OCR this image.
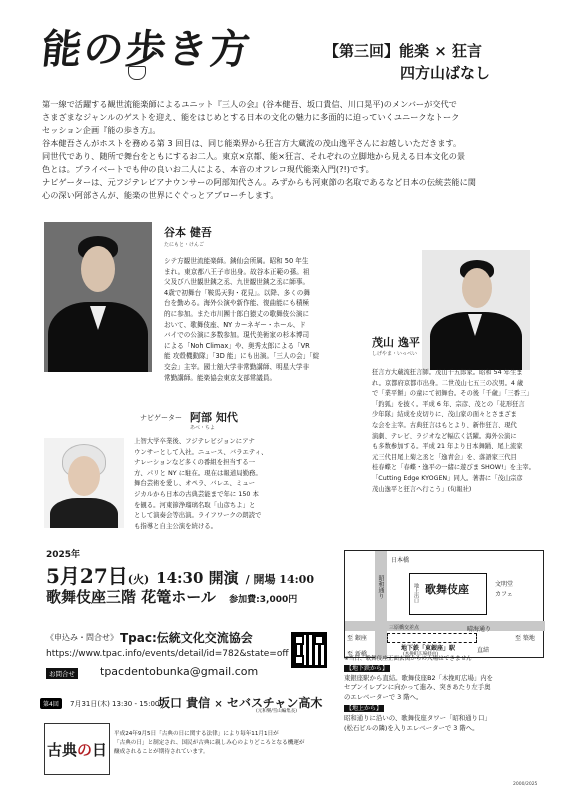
能の歩き方	【第三回】能楽 × 狂言
四方山ばなし

第一線で活躍する観世流能楽師によるユニット『三人の会』(谷本健吾、坂口貴信、川口晃平)のメンバーが交代で

さまざまなジャンルのゲストを迎え、能をはじめとする日本の文化の魅力に多面的に迫っていくユニークなトーク

セッション企画『能の歩き方』。

谷本健吾さんがホストを務める第 3 回目は、同じ能楽界から狂言方大蔵流の茂山逸平さんにお越しいただきます。

同世代であり、随所で舞台をともにするお二人。東京×京都、能×狂言、それぞれの立脚地から見える日本文化の景

色とは。プライベートでも仲の良いお二人による、本音のオフレコ現代能楽入門(?!)です。

ナビゲーターは、元フジテレビアナウンサーの阿部知代さん。みずからも河東節の名取であるなど日本の伝統芸能に関

心の深い阿部さんが、能楽の世界にぐぐっとアプローチします。

谷本 健吾
たにもと・けんご
シテ方観世流能楽師。銕仙会所属。昭和 50 年生
まれ。東京都八王子市出身。故谷本正範の孫。祖
父及び八世観世銕之丞、九世観世銕之丞に師事。
4歳で初舞台「鞍馬天狗・花見」。以降、多くの舞
台を勤める。海外公演や新作能、復曲能にも積極
的に参加。また市川團十郎白猿丈の歌舞伎公演に
おいて、歌舞伎座、NY カーネギー・ホール、ド
バイでの公演に多数参加。現代美術家の杉本博司
による「Noh Climax」や、奥秀太郎による「VR
能 攻殻機動隊」「3D 能」にも出演。「三人の会」「綻
交会」主宰。國士舘大学非常勤講師、明星大学非
常勤講師。能楽協会東京支部常議員。
茂山 逸平
しげやま・いっぺい
狂言方大蔵流狂言師。茂山千五郎家。昭和 54 年生ま
れ。京都府京都市出身。二世茂山七五三の次男。4 歳
で「業平餅」の童にて初舞台。その後「千歳」「三番三」
「釣狐」を披く。平成 6 年、宗彦、茂との「花形狂言
少年隊」結成を皮切りに、茂山家の面々とさまざま
な会を主宰。古典狂言はもとより、新作狂言、現代
演劇、テレビ、ラジオなど幅広く活躍。海外公演に
も多数参加する。平成 21 年より日本舞踊、尾上流家
元三代目尾上菊之丞と「逸青会」を、落語家三代目
桂春蝶と「春蝶・逸平の一緒に遊びま SHOW!」を主宰。
「Cutting Edge KYOGEN」同人。著書に「茂山宗彦
茂山逸平と狂言へ行こう」(旬報社)
ナビゲーター 阿部 知代
あべ・ちよ
上智大学卒業後、フジテレビジョンにアナ
ウンサーとして入社。ニュース、バラエティ、
ナレーションなど多くの番組を担当する一
方、パリと NY に駐在。現在は報道局勤務。
舞台芸術を愛し、オペラ、バレエ、ミュー
ジカルから日本の古典芸能まで年に 150 本
を観る。河東節浄瑠璃名取「山彦ちよ」と
として演奏会等出演。ライフワークの朗読で
も指導と自主公演を続ける。
2025年
5月27日(火) 14:30 開演 / 開場 14:00
歌舞伎座三階 花篭ホール 参加費:3,000円
《申込み・問合せ》 Tpac:伝統文化交流協会
https://www.tpac.info/events/detail/id=782&state=off
お問合せ tpacdentobunka@gmail.com
第4回	7月31日(木) 13:30 - 15:00
坂口 貴信 × セバスチャン高木
(元和樂/雪山編集長)
古典 の 日
平成24年9月5日「古典の日に関する法律」により毎年11月1日が
「古典の日」と制定され、国民が古典に親しみ心のよりどころとなる機運が
醸成されることが期待されています。
日本橋
昭和通り	歌舞伎座
地上出口	文明堂
カフェ
三原橋交差点	晴海通り
地下鉄「東銀座」駅
(木挽町広場経由)
直結
至 銀座	至 築地
至 新橋
※当日、歌舞伎座正面玄関からの入場はできません
【地下鉄から】
東銀座駅から直結。歌舞伎座B2「木挽町広場」内を
セブンイレブンに向かって進み、突きあたり左手奥
のエレベーターで 3 階へ。
【地上から】
昭和通りに沿いの、歌舞伎座タワー「昭和通り口」
(松石ビルの隣)を入りエレベーターで 3 階へ。
2000/2025
